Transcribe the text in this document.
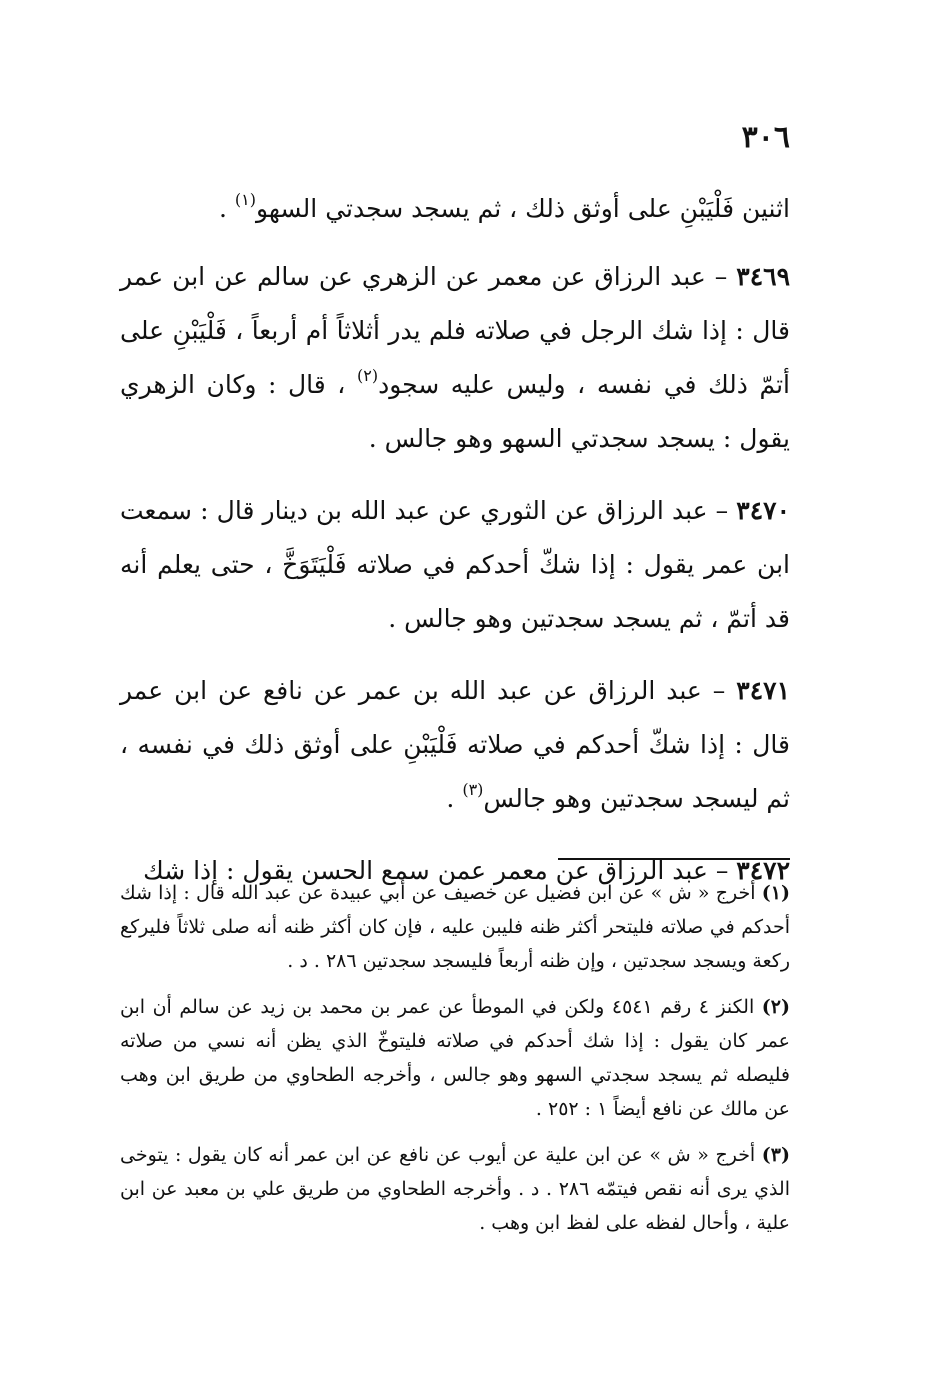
٣٠٦

اثنين فَلْيَبْنِ على أوثق ذلك ، ثم يسجد سجدتي السهو$^{(١)}$ .

٣٤٦٩ – عبد الرزاق عن معمر عن الزهري عن سالم عن ابن عمر قال : إذا شك الرجل في صلاته فلم يدر أثلاثاً أم أربعاً ، فَلْيَبْنِ على أتمّ ذلك في نفسه ، وليس عليه سجود$^{(٢)}$ ، قال : وكان الزهري يقول : يسجد سجدتي السهو وهو جالس .

٣٤٧٠ – عبد الرزاق عن الثوري عن عبد الله بن دينار قال : سمعت ابن عمر يقول : إذا شكّ أحدكم في صلاته فَلْيَتَوَخَّ ، حتى يعلم أنه قد أتمّ ، ثم يسجد سجدتين وهو جالس .

٣٤٧١ – عبد الرزاق عن عبد الله بن عمر عن نافع عن ابن عمر قال : إذا شكّ أحدكم في صلاته فَلْيَبْنِ على أوثق ذلك في نفسه ، ثم ليسجد سجدتين وهو جالس$^{(٣)}$ .

٣٤٧٢ – عبد الرزاق عن معمر عمن سمع الحسن يقول : إذا شك

(١) أخرج « ش » عن ابن فضيل عن خصيف عن أبي عبيدة عن عبد الله قال : إذا شك أحدكم في صلاته فليتحر أكثر ظنه فليبن عليه ، فإن كان أكثر ظنه أنه صلى ثلاثاً فليركع ركعة ويسجد سجدتين ، وإن ظنه أربعاً فليسجد سجدتين ٢٨٦ . د .

(٢) الكنز ٤ رقم ٤٥٤١ ولكن في الموطأ عن عمر بن محمد بن زيد عن سالم أن ابن عمر كان يقول : إذا شك أحدكم في صلاته فليتوخّ الذي يظن أنه نسي من صلاته فليصله ثم يسجد سجدتي السهو وهو جالس ، وأخرجه الطحاوي من طريق ابن وهب عن مالك عن نافع أيضاً ١ : ٢٥٢ .

(٣) أخرج « ش » عن ابن علية عن أيوب عن نافع عن ابن عمر أنه كان يقول : يتوخى الذي يرى أنه نقص فيتمّه ٢٨٦ . د . وأخرجه الطحاوي من طريق علي بن معبد عن ابن علية ، وأحال لفظه على لفظ ابن وهب .
